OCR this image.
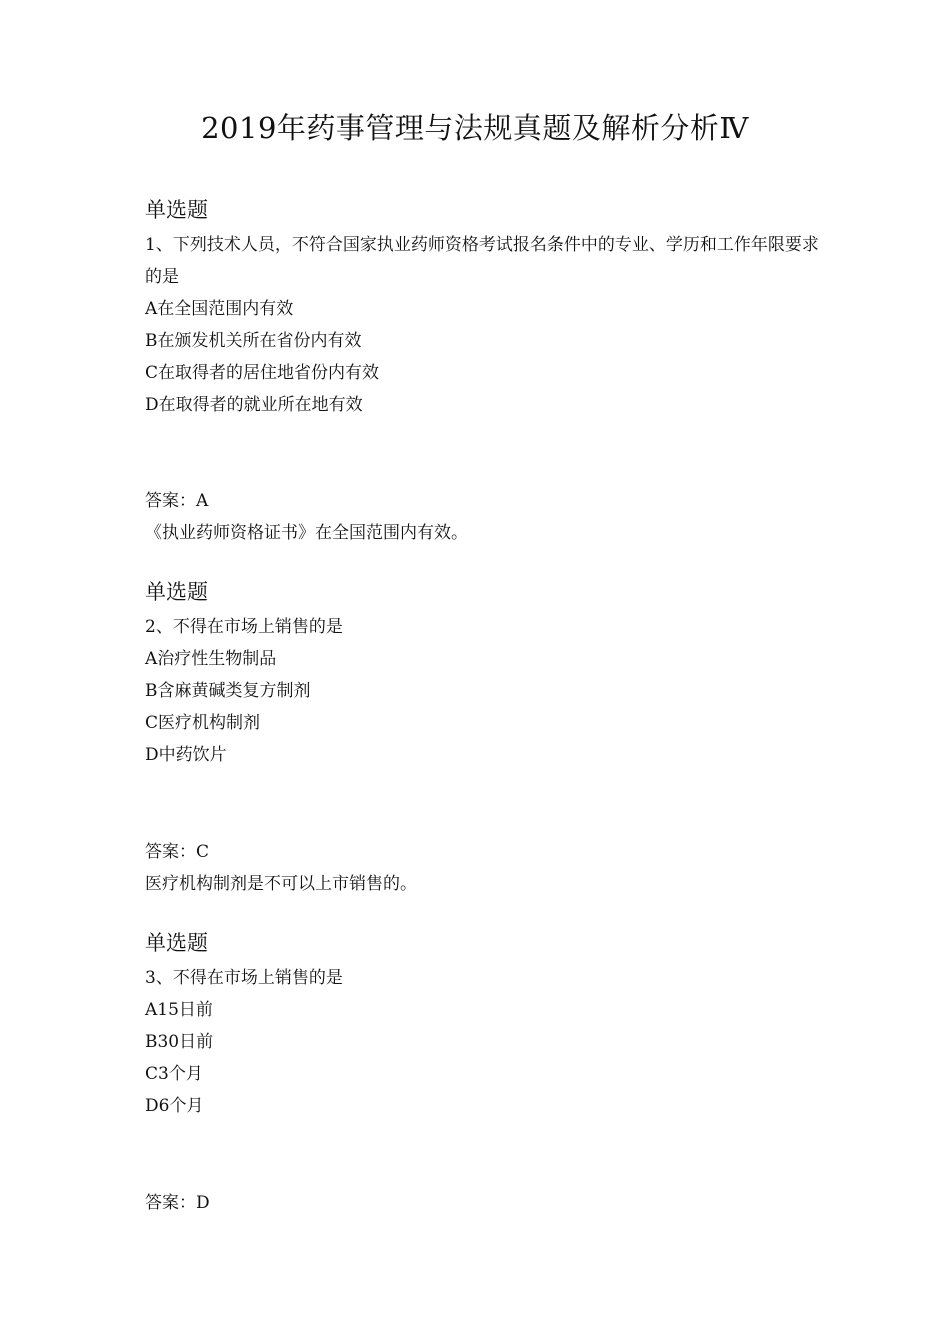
2019年药事管理与法规真题及解析分析Ⅳ
单选题
1、下列技术人员，不符合国家执业药师资格考试报名条件中的专业、学历和工作年限要求的是
A在全国范围内有效
B在颁发机关所在省份内有效
C在取得者的居住地省份内有效
D在取得者的就业所在地有效
答案：A
《执业药师资格证书》在全国范围内有效。
单选题
2、不得在市场上销售的是
A治疗性生物制品
B含麻黄碱类复方制剂
C医疗机构制剂
D中药饮片
答案：C
医疗机构制剂是不可以上市销售的。
单选题
3、不得在市场上销售的是
A15日前
B30日前
C3个月
D6个月
答案：D
